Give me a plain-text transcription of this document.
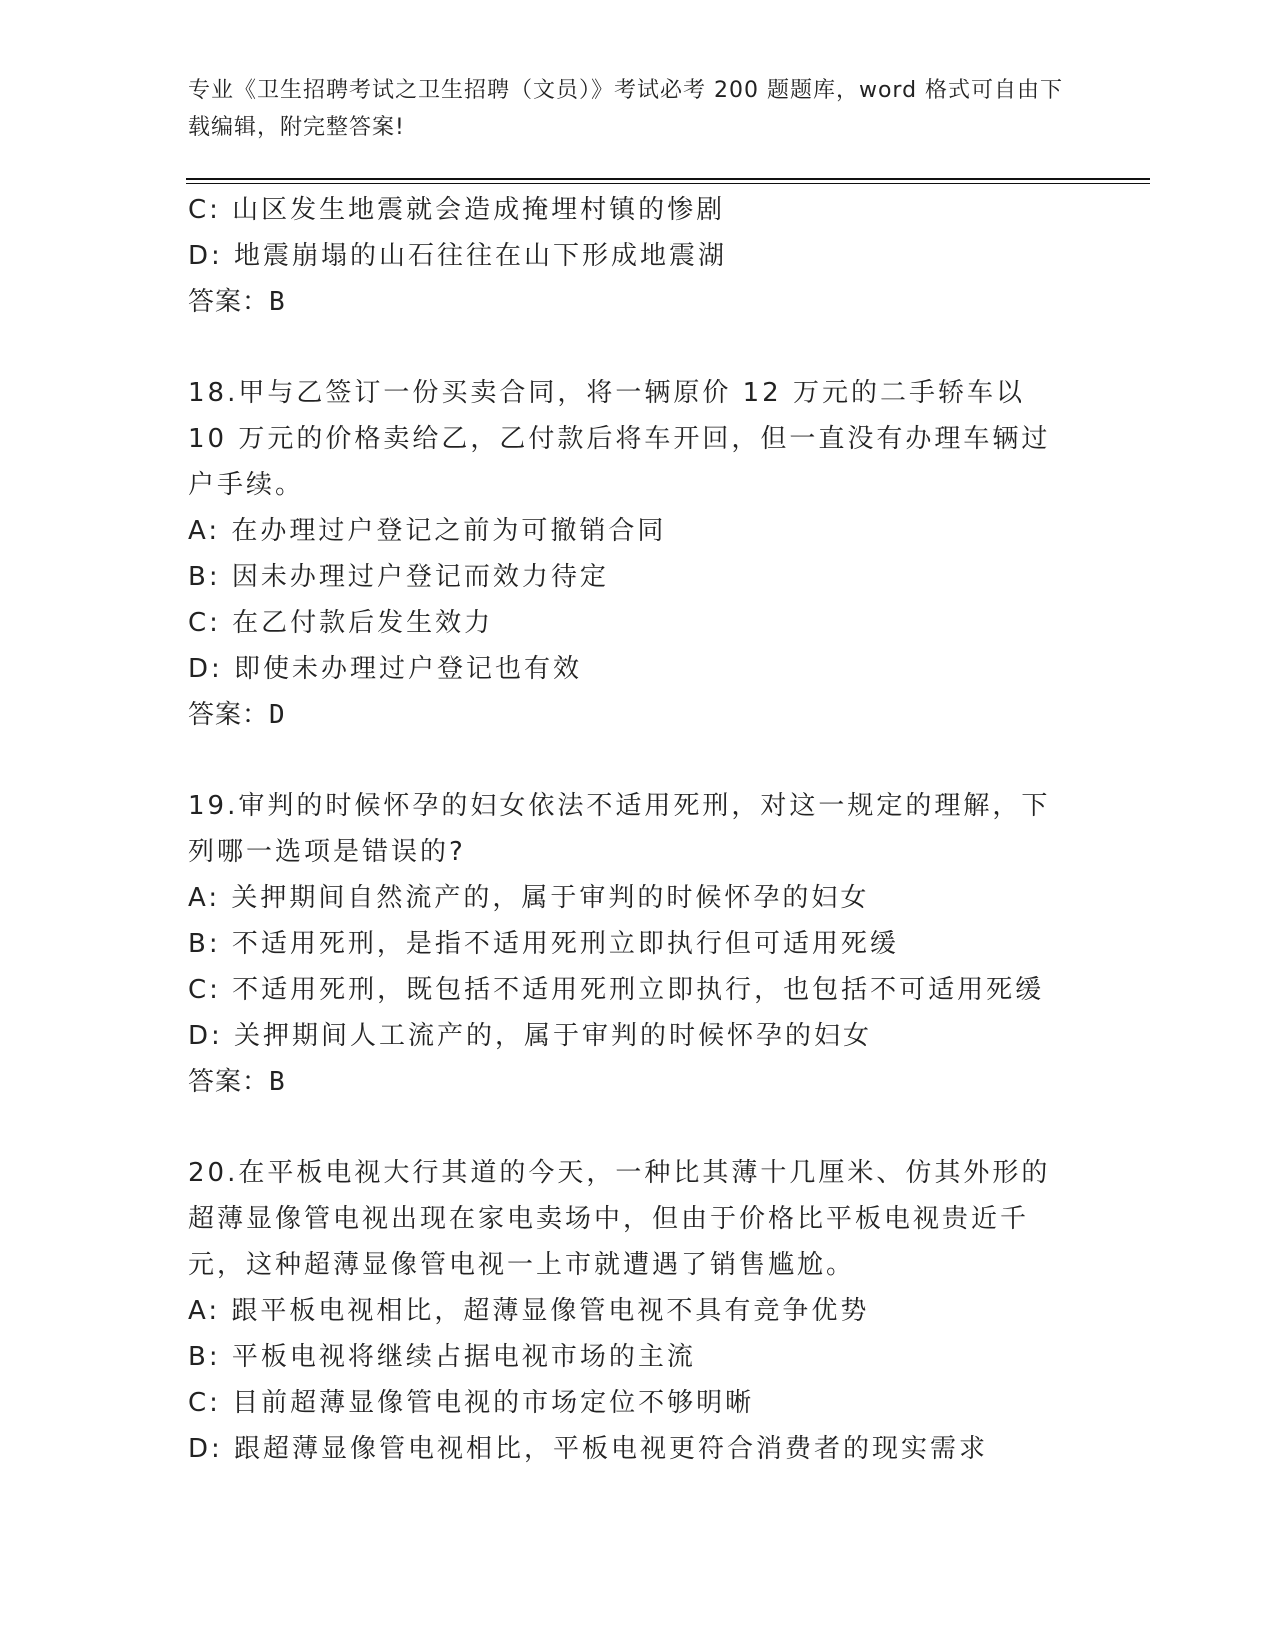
专业《卫生招聘考试之卫生招聘（文员）》考试必考 200 题题库，word 格式可自由下载编辑，附完整答案!
C: 山区发生地震就会造成掩埋村镇的惨剧
D: 地震崩塌的山石往往在山下形成地震湖
答案：B
18.甲与乙签订一份买卖合同，将一辆原价 12 万元的二手轿车以 10 万元的价格卖给乙，乙付款后将车开回，但一直没有办理车辆过户手续。
A: 在办理过户登记之前为可撤销合同
B: 因未办理过户登记而效力待定
C: 在乙付款后发生效力
D: 即使未办理过户登记也有效
答案：D
19.审判的时候怀孕的妇女依法不适用死刑，对这一规定的理解，下列哪一选项是错误的?
A: 关押期间自然流产的，属于审判的时候怀孕的妇女
B: 不适用死刑，是指不适用死刑立即执行但可适用死缓
C: 不适用死刑，既包括不适用死刑立即执行，也包括不可适用死缓
D: 关押期间人工流产的，属于审判的时候怀孕的妇女
答案：B
20.在平板电视大行其道的今天，一种比其薄十几厘米、仿其外形的超薄显像管电视出现在家电卖场中，但由于价格比平板电视贵近千元，这种超薄显像管电视一上市就遭遇了销售尴尬。
A: 跟平板电视相比，超薄显像管电视不具有竞争优势
B: 平板电视将继续占据电视市场的主流
C: 目前超薄显像管电视的市场定位不够明晰
D: 跟超薄显像管电视相比，平板电视更符合消费者的现实需求
